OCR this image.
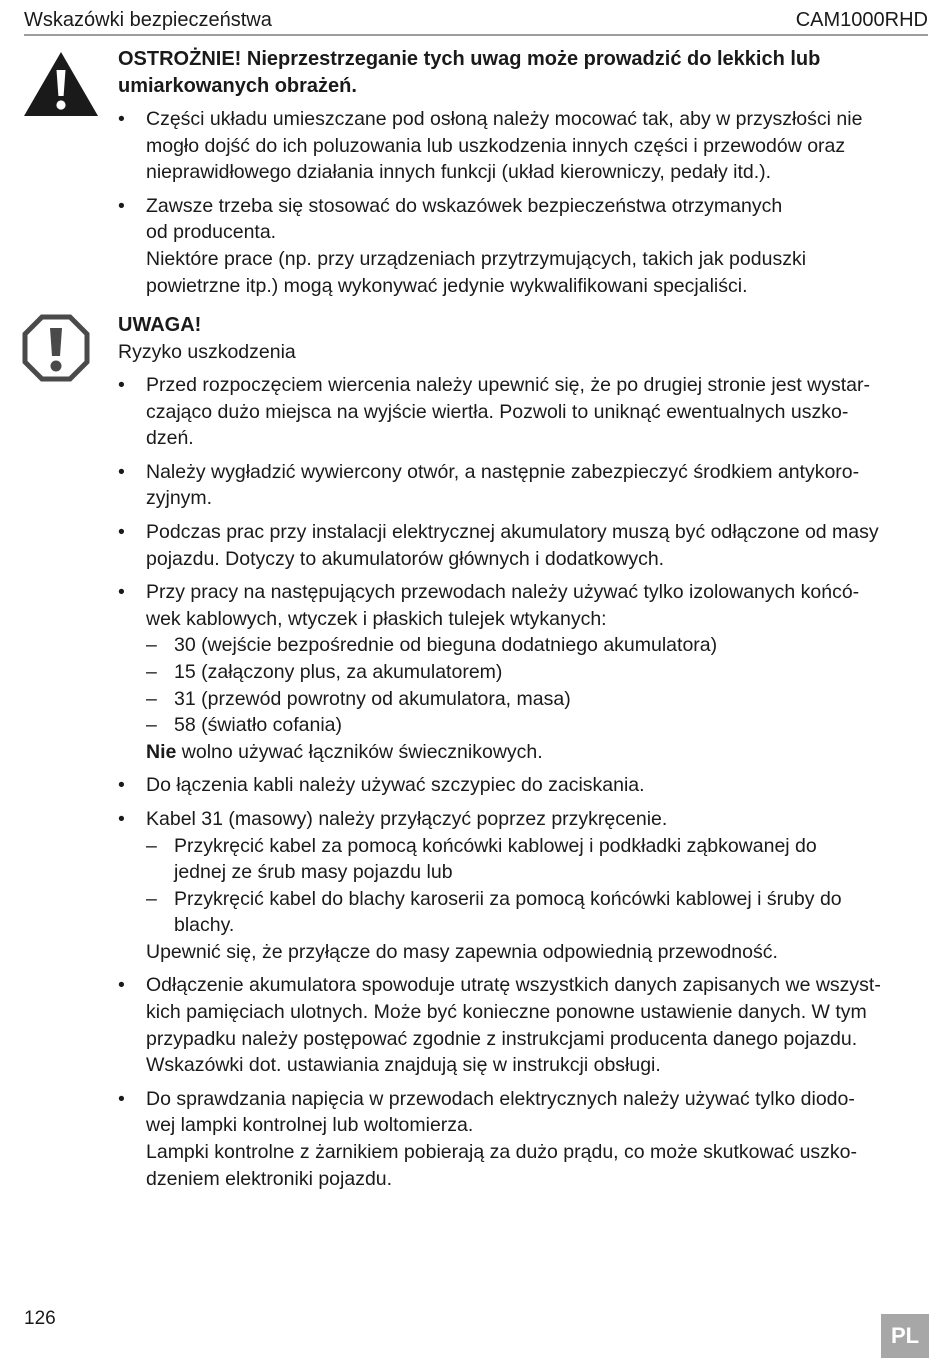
Wskazówki bezpieczeństwa	CAM1000RHD
OSTROŻNIE! Nieprzestrzeganie tych uwag może prowadzić do lekkich lub
umiarkowanych obrażeń.
• Części układu umieszczane pod osłoną należy mocować tak, aby w przyszłości nie
mogło dojść do ich poluzowania lub uszkodzenia innych części i przewodów oraz
nieprawidłowego działania innych funkcji (układ kierowniczy, pedały itd.).
• Zawsze trzeba się stosować do wskazówek bezpieczeństwa otrzymanych
od producenta.
Niektóre prace (np. przy urządzeniach przytrzymujących, takich jak poduszki
powietrzne itp.) mogą wykonywać jedynie wykwalifikowani specjaliści.
UWAGA!
Ryzyko uszkodzenia
• Przed rozpoczęciem wiercenia należy upewnić się, że po drugiej stronie jest wystar-
czająco dużo miejsca na wyjście wiertła. Pozwoli to uniknąć ewentualnych uszko-
dzeń.
• Należy wygładzić wywiercony otwór, a następnie zabezpieczyć środkiem antykoro-
zyjnym.
• Podczas prac przy instalacji elektrycznej akumulatory muszą być odłączone od masy
pojazdu. Dotyczy to akumulatorów głównych i dodatkowych.
• Przy pracy na następujących przewodach należy używać tylko izolowanych końcó-
wek kablowych, wtyczek i płaskich tulejek wtykanych:
– 30 (wejście bezpośrednie od bieguna dodatniego akumulatora)
– 15 (załączony plus, za akumulatorem)
– 31 (przewód powrotny od akumulatora, masa)
– 58 (światło cofania)
Nie wolno używać łączników świecznikowych.
• Do łączenia kabli należy używać szczypiec do zaciskania.
• Kabel 31 (masowy) należy przyłączyć poprzez przykręcenie.
– Przykręcić kabel za pomocą końcówki kablowej i podkładki ząbkowanej do jednej ze śrub masy pojazdu lub
– Przykręcić kabel do blachy karoserii za pomocą końcówki kablowej i śruby do blachy.
Upewnić się, że przyłącze do masy zapewnia odpowiednią przewodność.
• Odłączenie akumulatora spowoduje utratę wszystkich danych zapisanych we wszyst-
kich pamięciach ulotnych. Może być konieczne ponowne ustawienie danych. W tym
przypadku należy postępować zgodnie z instrukcjami producenta danego pojazdu.
Wskazówki dot. ustawiania znajdują się w instrukcji obsługi.
• Do sprawdzania napięcia w przewodach elektrycznych należy używać tylko diodo-
wej lampki kontrolnej lub woltomierza.
Lampki kontrolne z żarnikiem pobierają za dużo prądu, co może skutkować uszko-
dzeniem elektroniki pojazdu.
126
PL
